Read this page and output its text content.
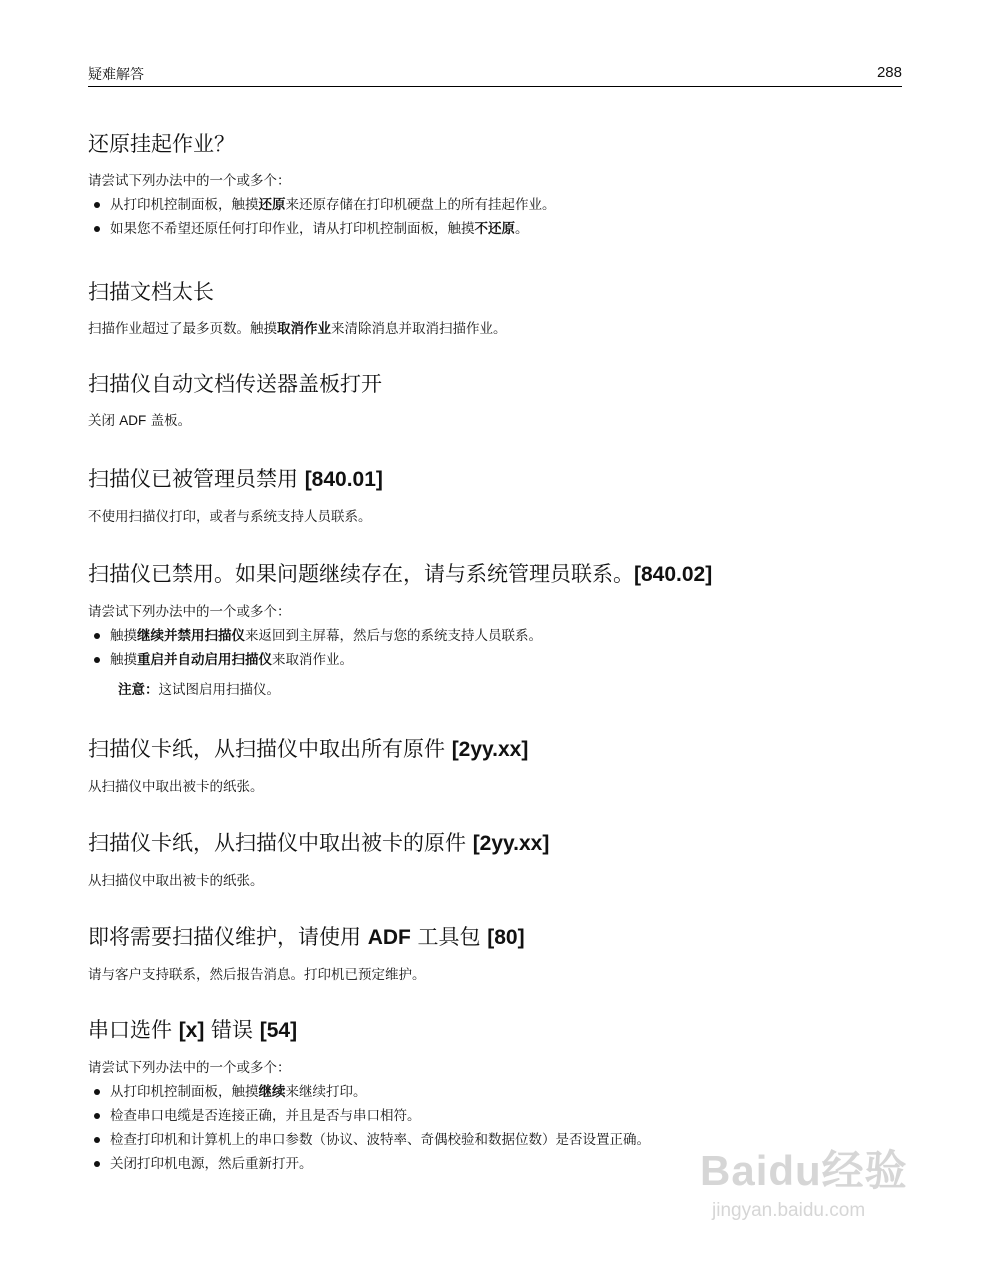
疑难解答	288
还原挂起作业？

请尝试下列办法中的一个或多个：

从打印机控制面板，触摸还原来还原存储在打印机硬盘上的所有挂起作业。
如果您不希望还原任何打印作业，请从打印机控制面板，触摸不还原。
扫描文档太长

扫描作业超过了最多页数。触摸取消作业来清除消息并取消扫描作业。

扫描仪自动文档传送器盖板打开

关闭 ADF 盖板。

扫描仪已被管理员禁用 [840.01]

不使用扫描仪打印，或者与系统支持人员联系。

扫描仪已禁用。如果问题继续存在，请与系统管理员联系。[840.02]

请尝试下列办法中的一个或多个：

触摸继续并禁用扫描仪来返回到主屏幕，然后与您的系统支持人员联系。
触摸重启并自动启用扫描仪来取消作业。
注意：这试图启用扫描仪。
扫描仪卡纸，从扫描仪中取出所有原件 [2yy.xx]

从扫描仪中取出被卡的纸张。

扫描仪卡纸，从扫描仪中取出被卡的原件 [2yy.xx]

从扫描仪中取出被卡的纸张。

即将需要扫描仪维护，请使用 ADF 工具包 [80]

请与客户支持联系，然后报告消息。打印机已预定维护。

串口选件 [x] 错误 [54]

请尝试下列办法中的一个或多个：

从打印机控制面板，触摸继续来继续打印。
检查串口电缆是否连接正确，并且是否与串口相符。
检查打印机和计算机上的串口参数（协议、波特率、奇偶校验和数据位数）是否设置正确。
关闭打印机电源，然后重新打开。	Baidu经验
jingyan.baidu.com
